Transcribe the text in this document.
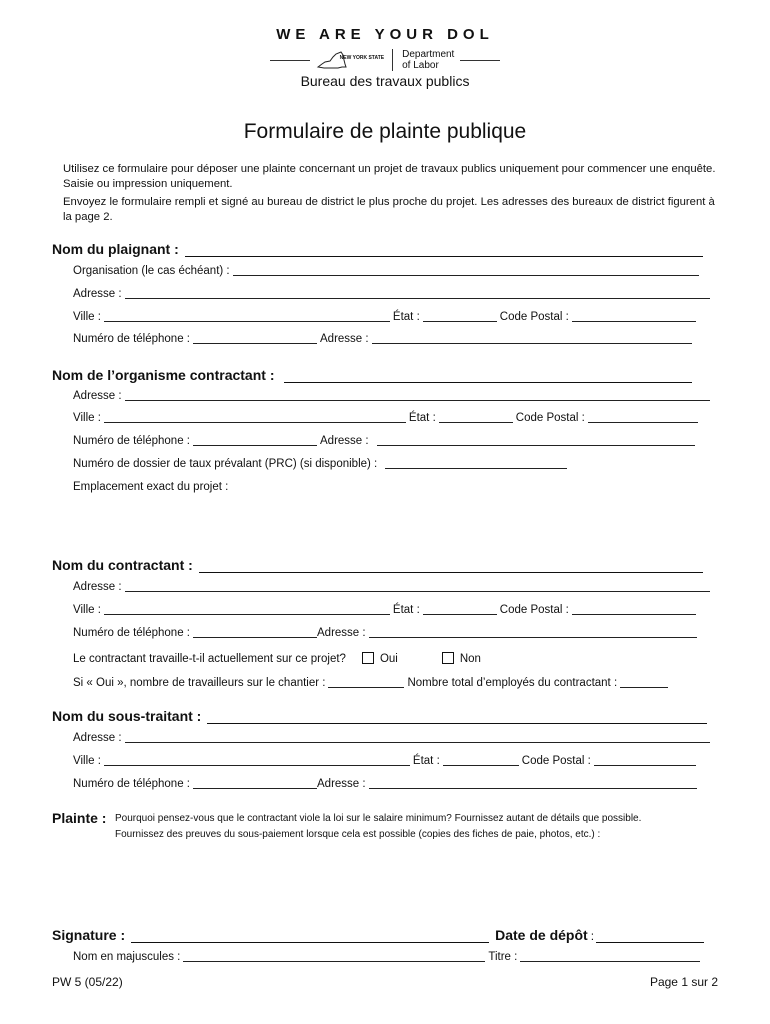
WE ARE YOUR DOL
NEW YORK STATE Department
of Labor
Bureau des travaux publics
Formulaire de plainte publique
Utilisez ce formulaire pour déposer une plainte concernant un projet de travaux publics uniquement pour commencer une enquête. Saisie ou impression uniquement.
Envoyez le formulaire rempli et signé au bureau de district le plus proche du projet. Les adresses des bureaux de district figurent à la page 2.
Nom du plaignant :
Organisation (le cas échéant) :
Adresse :
Ville :	État :	Code Postal :
Numéro de téléphone :	Adresse :
Nom de l’organisme contractant :
Adresse :
Ville :	État :	Code Postal :
Numéro de téléphone :	Adresse :
Numéro de dossier de taux prévalant (PRC) (si disponible) :
Emplacement exact du projet :
Nom du contractant :
Adresse :
Ville :	État :	Code Postal :
Numéro de téléphone :	Adresse :
Le contractant travaille-t-il actuellement sur ce projet?	Oui	Non
Si « Oui », nombre de travailleurs sur le chantier :	Nombre total d’employés du contractant :
Nom du sous-traitant :
Adresse :
Ville :	État :	Code Postal :
Numéro de téléphone :	Adresse :
Plainte : Pourquoi pensez-vous que le contractant viole la loi sur le salaire minimum? Fournissez autant de détails que possible.
Fournissez des preuves du sous-paiement lorsque cela est possible (copies des fiches de paie, photos, etc.) :
Signature :	Date de dépôt :
Nom en majuscules :	Titre :
PW 5 (05/22)	Page 1 sur 2
